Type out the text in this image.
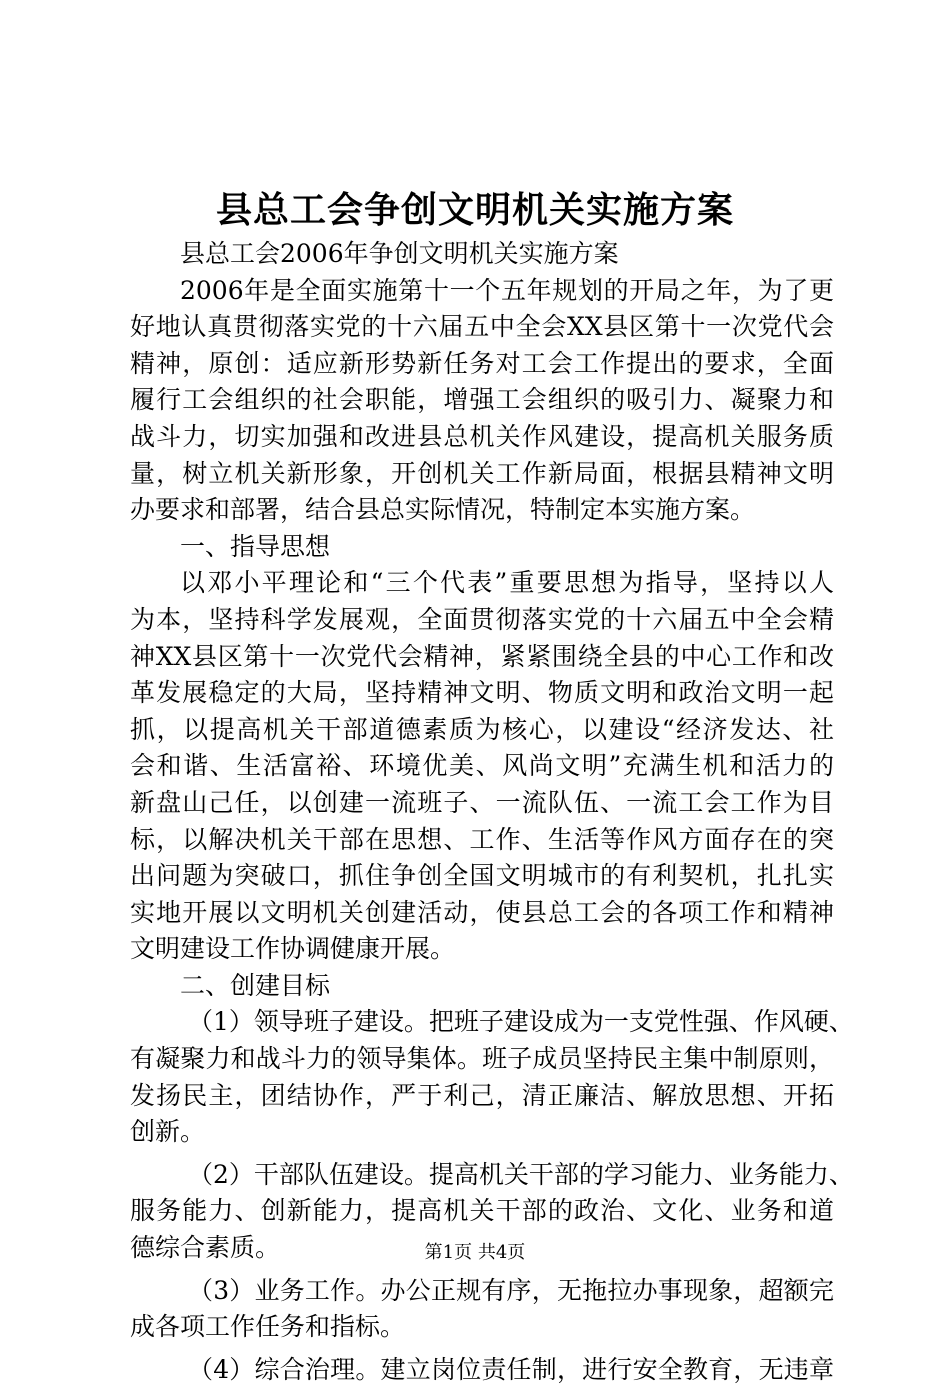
县总工会争创文明机关实施方案
县总工会2006年争创文明机关实施方案
2006年是全面实施第十一个五年规划的开局之年，为了更
好地认真贯彻落实党的十六届五中全会XX县区第十一次党代会
精神，原创：适应新形势新任务对工会工作提出的要求，全面
履行工会组织的社会职能，增强工会组织的吸引力、凝聚力和
战斗力，切实加强和改进县总机关作风建设，提高机关服务质
量，树立机关新形象，开创机关工作新局面，根据县精神文明
办要求和部署，结合县总实际情况，特制定本实施方案。
一、指导思想
以邓小平理论和“三个代表”重要思想为指导，坚持以人
为本，坚持科学发展观，全面贯彻落实党的十六届五中全会精
神XX县区第十一次党代会精神，紧紧围绕全县的中心工作和改
革发展稳定的大局，坚持精神文明、物质文明和政治文明一起
抓，以提高机关干部道德素质为核心，以建设“经济发达、社
会和谐、生活富裕、环境优美、风尚文明”充满生机和活力的
新盘山己任，以创建一流班子、一流队伍、一流工会工作为目
标，以解决机关干部在思想、工作、生活等作风方面存在的突
出问题为突破口，抓住争创全国文明城市的有利契机，扎扎实
实地开展以文明机关创建活动，使县总工会的各项工作和精神
文明建设工作协调健康开展。
二、创建目标
（1）领导班子建设。把班子建设成为一支党性强、作风硬、
有凝聚力和战斗力的领导集体。班子成员坚持民主集中制原则，
发扬民主，团结协作，严于利己，清正廉洁、解放思想、开拓
创新。
（2）干部队伍建设。提高机关干部的学习能力、业务能力、
服务能力、创新能力，提高机关干部的政治、文化、业务和道
德综合素质。
（3）业务工作。办公正规有序，无拖拉办事现象，超额完
成各项工作任务和指标。
（4）综合治理。建立岗位责任制，进行安全教育，无违章
第1页 共4页
